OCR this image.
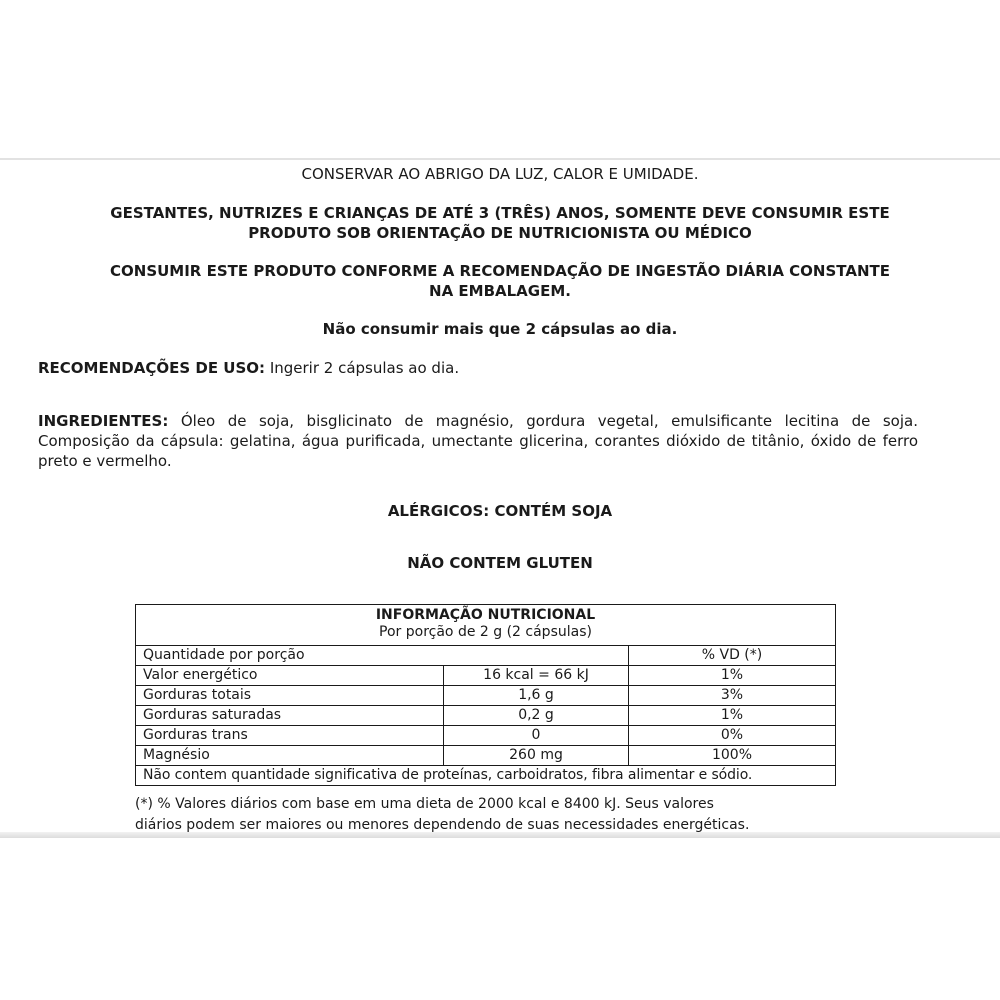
CONSERVAR AO ABRIGO DA LUZ, CALOR E UMIDADE.
GESTANTES, NUTRIZES E CRIANÇAS DE ATÉ 3 (TRÊS) ANOS, SOMENTE DEVE CONSUMIR ESTE
PRODUTO SOB ORIENTAÇÃO DE NUTRICIONISTA OU MÉDICO
CONSUMIR ESTE PRODUTO CONFORME A RECOMENDAÇÃO DE INGESTÃO DIÁRIA CONSTANTE
NA EMBALAGEM.
Não consumir mais que 2 cápsulas ao dia.
RECOMENDAÇÕES DE USO: Ingerir 2 cápsulas ao dia.
INGREDIENTES: Óleo de soja, bisglicinato de magnésio, gordura vegetal, emulsificante lecitina de soja. Composição da cápsula: gelatina, água purificada, umectante glicerina, corantes dióxido de titânio, óxido de ferro preto e vermelho.
ALÉRGICOS: CONTÉM SOJA
NÃO CONTEM GLUTEN
INFORMAÇÃO NUTRICIONAL
Por porção de 2 g (2 cápsulas)		

Quantidade por porção		% VD (*)
Valor energético	16 kcal = 66 kJ	1%
Gorduras totais	1,6 g	3%
Gorduras saturadas	0,2 g	1%
Gorduras trans	0	0%
Magnésio	260 mg	100%
Não contem quantidade significativa de proteínas, carboidratos, fibra alimentar e sódio.		
(*) % Valores diários com base em uma dieta de 2000 kcal e 8400 kJ. Seus valores
diários podem ser maiores ou menores dependendo de suas necessidades energéticas.
